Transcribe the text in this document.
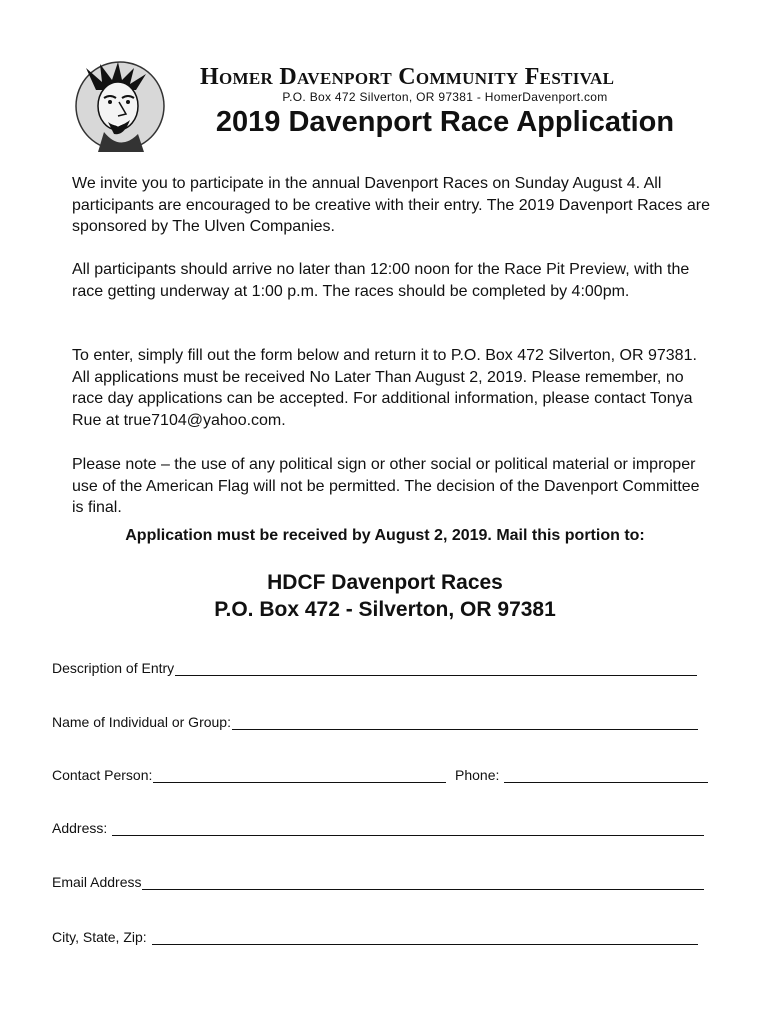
Homer Davenport Community Festival
P.O. Box 472 Silverton, OR 97381 - HomerDavenport.com
2019 Davenport Race Application

We invite you to participate in the annual Davenport Races on Sunday August 4. All participants are encouraged to be creative with their entry. The 2019 Davenport Races are sponsored by The Ulven Companies.

All participants should arrive no later than 12:00 noon for the Race Pit Preview, with the race getting underway at 1:00 p.m. The races should be completed by 4:00pm.

To enter, simply fill out the form below and return it to P.O. Box 472 Silverton, OR 97381. All applications must be received No Later Than August 2, 2019. Please remember, no race day applications can be accepted. For additional information, please contact Tonya Rue at true7104@yahoo.com.

Please note – the use of any political sign or other social or political material or improper use of the American Flag will not be permitted. The decision of the Davenport Committee is final.

Application must be received by August 2, 2019. Mail this portion to:
HDCF Davenport Races
P.O. Box 472 - Silverton, OR 97381
Description of Entry
Name of Individual or Group:
Contact Person:	Phone:
Address:
Email Address
City, State, Zip:
